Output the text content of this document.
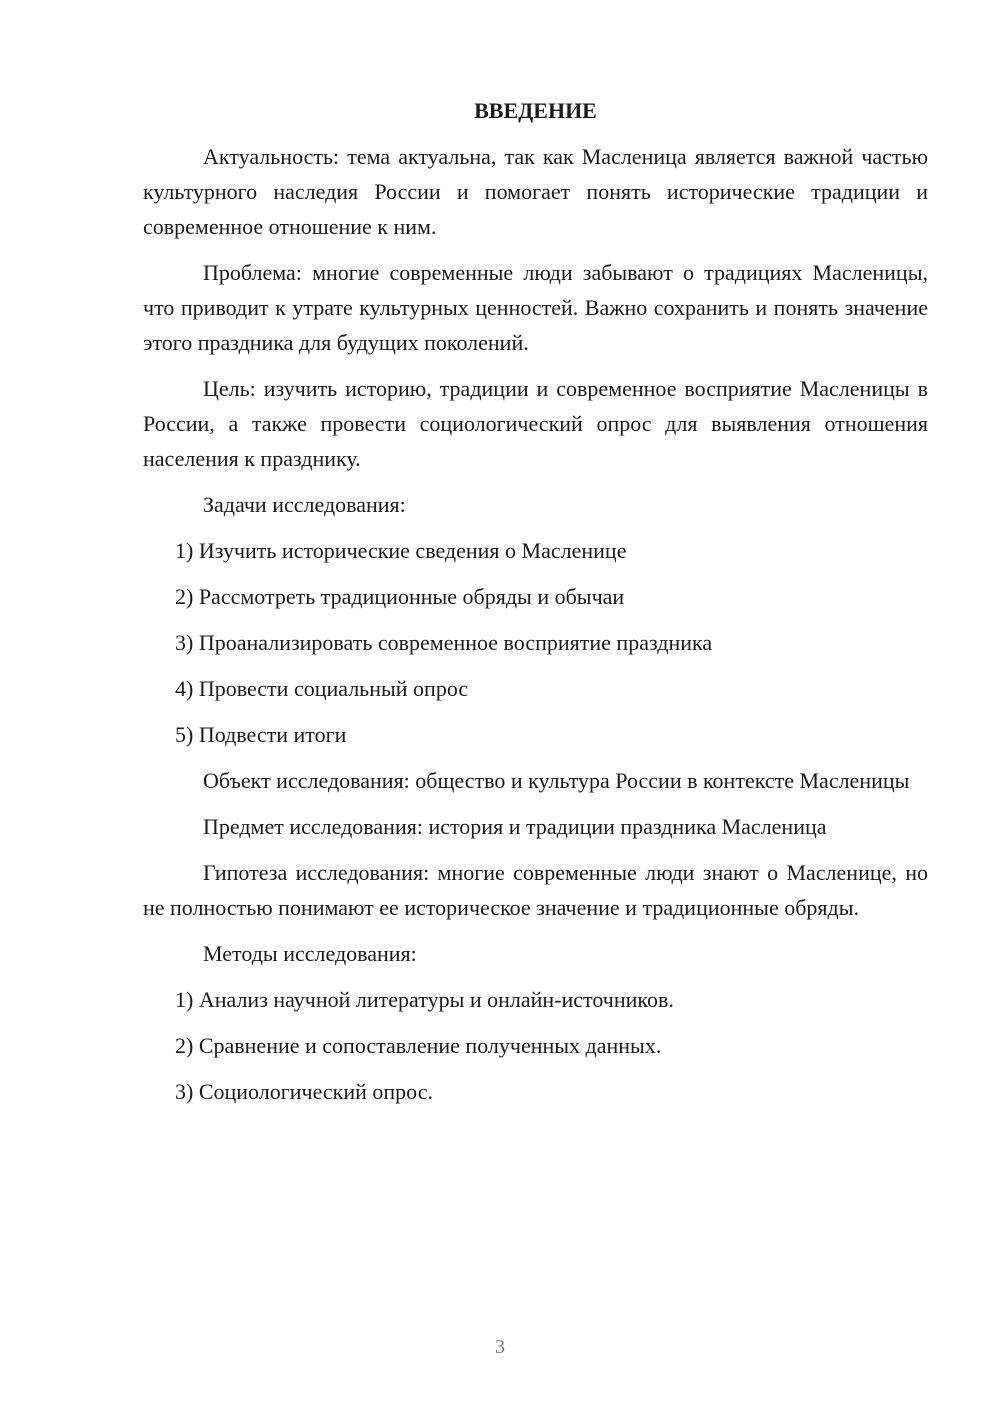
ВВЕДЕНИЕ

Актуальность: тема актуальна, так как Масленица является важной частью культурного наследия России и помогает понять исторические традиции и современное отношение к ним.

Проблема: многие современные люди забывают о традициях Масленицы, что приводит к утрате культурных ценностей. Важно сохранить и понять значение этого праздника для будущих поколений.

Цель: изучить историю, традиции и современное восприятие Масленицы в России, а также провести социологический опрос для выявления отношения населения к празднику.

Задачи исследования:

1) Изучить исторические сведения о Масленице

2) Рассмотреть традиционные обряды и обычаи

3) Проанализировать современное восприятие праздника

4) Провести социальный опрос

5) Подвести итоги

Объект исследования: общество и культура России в контексте Масленицы

Предмет исследования: история и традиции праздника Масленица

Гипотеза исследования: многие современные люди знают о Масленице, но не полностью понимают ее историческое значение и традиционные обряды.

Методы исследования:

1) Анализ научной литературы и онлайн-источников.

2) Сравнение и сопоставление полученных данных.

3) Социологический опрос.

3
